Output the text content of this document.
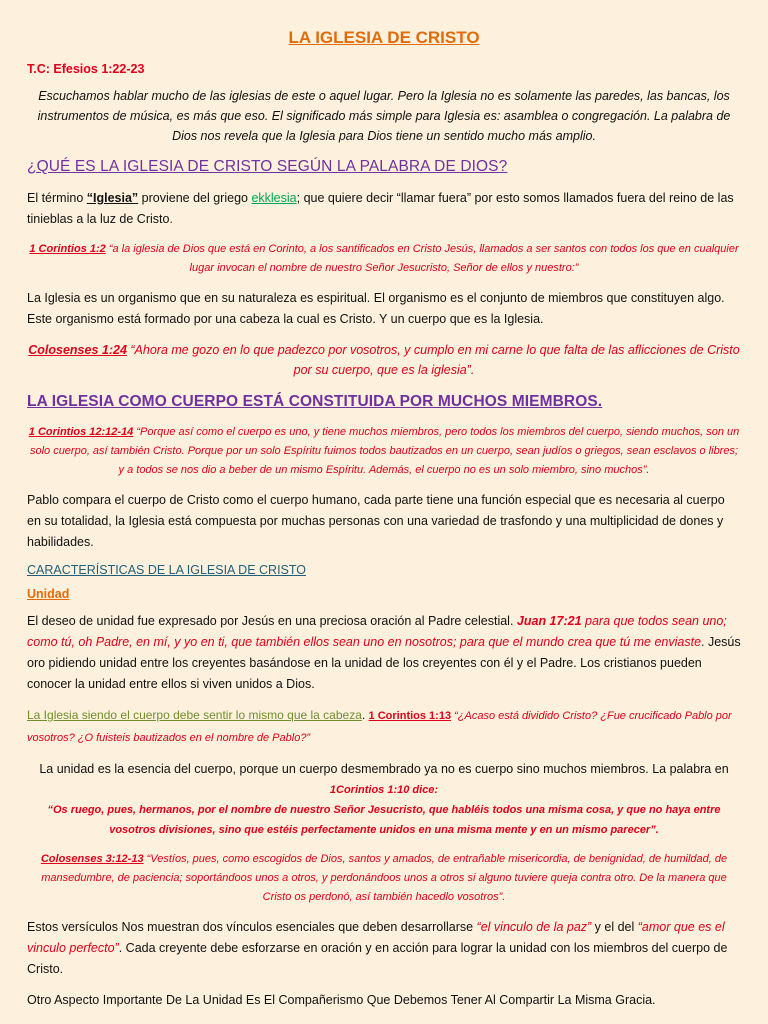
LA IGLESIA DE CRISTO

T.C: Efesios 1:22-23

Escuchamos hablar mucho de las iglesias de este o aquel lugar. Pero la Iglesia no es solamente las paredes, las bancas, los instrumentos de música, es más que eso. El significado más simple para Iglesia es: asamblea o congregación. La palabra de Dios nos revela que la Iglesia para Dios tiene un sentido mucho más amplio.

¿QUÉ ES LA IGLESIA DE CRISTO SEGÚN LA PALABRA DE DIOS?

El término “Iglesia” proviene del griego ekklesia; que quiere decir “llamar fuera” por esto somos llamados fuera del reino de las tinieblas a la luz de Cristo.

1 Corintios 1:2 “a la iglesia de Dios que está en Corinto, a los santificados en Cristo Jesús, llamados a ser santos con todos los que en cualquier lugar invocan el nombre de nuestro Señor Jesucristo, Señor de ellos y nuestro:”

La Iglesia es un organismo que en su naturaleza es espiritual. El organismo es el conjunto de miembros que constituyen algo. Este organismo está formado por una cabeza la cual es Cristo. Y un cuerpo que es la Iglesia.

Colosenses 1:24 “Ahora me gozo en lo que padezco por vosotros, y cumplo en mi carne lo que falta de las aflicciones de Cristo por su cuerpo, que es la iglesia”.

LA IGLESIA COMO CUERPO ESTÁ CONSTITUIDA POR MUCHOS MIEMBROS.

1 Corintios 12:12-14 “Porque así como el cuerpo es uno, y tiene muchos miembros, pero todos los miembros del cuerpo, siendo muchos, son un solo cuerpo, así también Cristo. Porque por un solo Espíritu fuimos todos bautizados en un cuerpo, sean judíos o griegos, sean esclavos o libres; y a todos se nos dio a beber de un mismo Espíritu. Además, el cuerpo no es un solo miembro, sino muchos”.

Pablo compara el cuerpo de Cristo como el cuerpo humano, cada parte tiene una función especial que es necesaria al cuerpo en su totalidad, la Iglesia está compuesta por muchas personas con una variedad de trasfondo y una multiplicidad de dones y habilidades.

CARACTERÍSTICAS DE LA IGLESIA DE CRISTO

Unidad

El deseo de unidad fue expresado por Jesús en una preciosa oración al Padre celestial. Juan 17:21 para que todos sean uno; como tú, oh Padre, en mí, y yo en ti, que también ellos sean uno en nosotros; para que el mundo crea que tú me enviaste. Jesús oro pidiendo unidad entre los creyentes basándose en la unidad de los creyentes con él y el Padre. Los cristianos pueden conocer la unidad entre ellos si viven unidos a Dios.

La Iglesia siendo el cuerpo debe sentir lo mismo que la cabeza. 1 Corintios 1:13 “¿Acaso está dividido Cristo? ¿Fue crucificado Pablo por vosotros? ¿O fuisteis bautizados en el nombre de Pablo?”

La unidad es la esencia del cuerpo, porque un cuerpo desmembrado ya no es cuerpo sino muchos miembros. La palabra en

1Corintios 1:10 dice:

“Os ruego, pues, hermanos, por el nombre de nuestro Señor Jesucristo, que habléis todos una misma cosa, y que no haya entre vosotros divisiones, sino que estéis perfectamente unidos en una misma mente y en un mismo parecer”.

Colosenses 3:12-13 “Vestíos, pues, como escogidos de Dios, santos y amados, de entrañable misericordia, de benignidad, de humildad, de mansedumbre, de paciencia; soportándoos unos a otros, y perdonándoos unos a otros si alguno tuviere queja contra otro. De la manera que Cristo os perdonó, así también hacedlo vosotros”.

Estos versículos Nos muestran dos vínculos esenciales que deben desarrollarse “el vinculo de la paz” y el del “amor que es el vinculo perfecto”. Cada creyente debe esforzarse en oración y en acción para lograr la unidad con los miembros del cuerpo de Cristo.

Otro Aspecto Importante De La Unidad Es El Compañerismo Que Debemos Tener Al Compartir La Misma Gracia.
